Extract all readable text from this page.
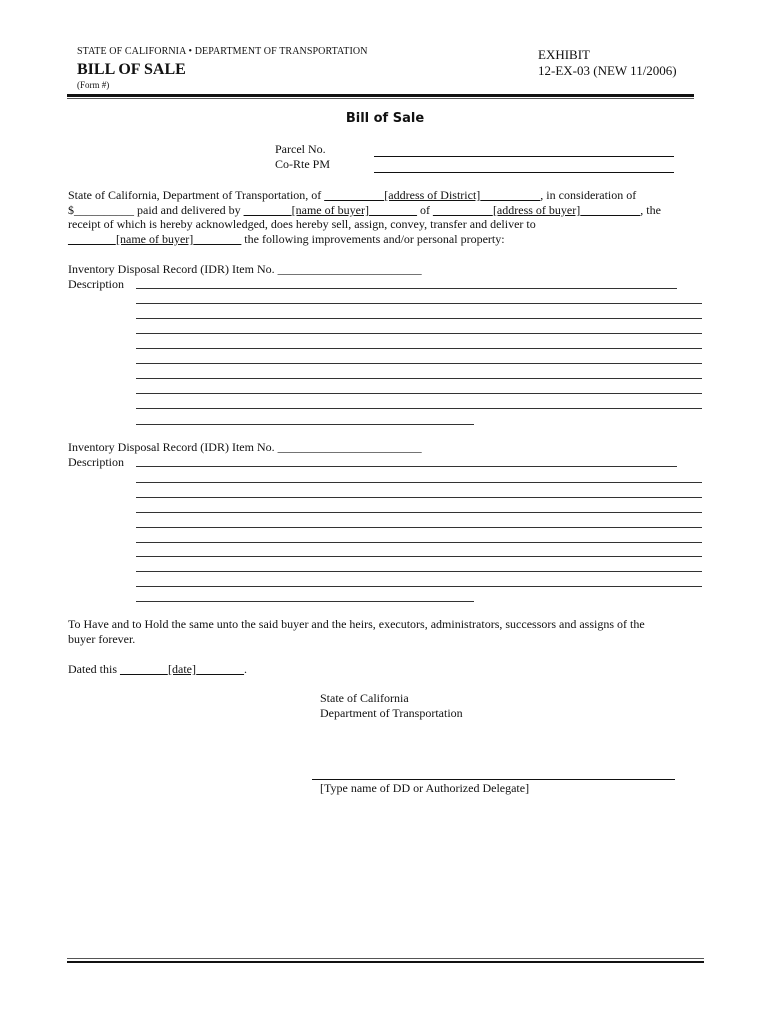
STATE OF CALIFORNIA • DEPARTMENT OF TRANSPORTATION
BILL OF SALE
(Form #)
EXHIBIT
12-EX-03 (NEW 11/2006)
Bill of Sale
Parcel No.
Co-Rte PM
State of California, Department of Transportation, of __________[address of District]__________, in consideration of
$__________ paid and delivered by ________[name of buyer]________ of __________[address of buyer]__________, the
receipt of which is hereby acknowledged, does hereby sell, assign, convey, transfer and deliver to
________[name of buyer]________ the following improvements and/or personal property:
Inventory Disposal Record (IDR) Item No. ________________________
Description
Inventory Disposal Record (IDR) Item No. ________________________
Description
To Have and to Hold the same unto the said buyer and the heirs, executors, administrators, successors and assigns of the
buyer forever.
Dated this ________[date]________.
State of California
Department of Transportation
[Type name of DD or Authorized Delegate]
